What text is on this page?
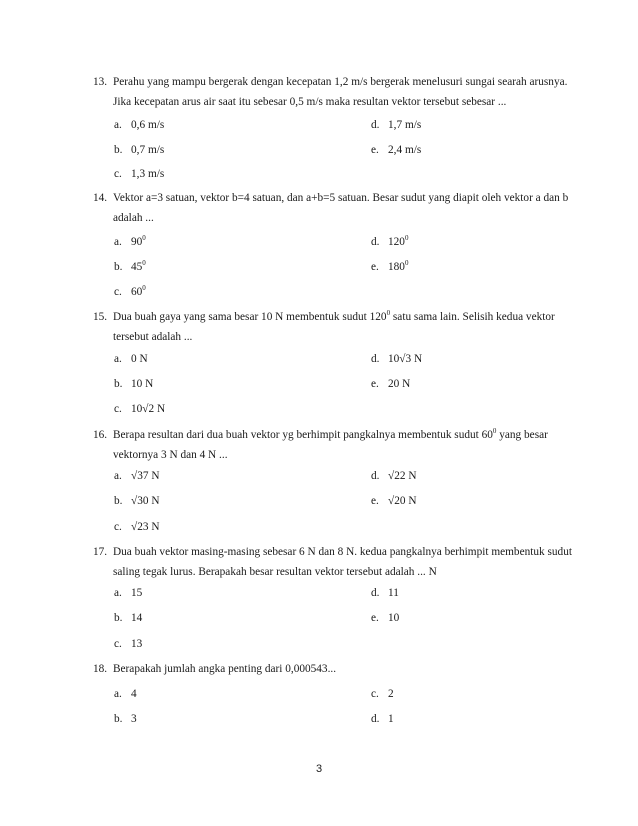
13. Perahu yang mampu bergerak dengan kecepatan 1,2 m/s bergerak menelusuri sungai searah arusnya. Jika kecepatan arus air saat itu sebesar 0,5 m/s maka resultan vektor tersebut sebesar ...
a. 0,6 m/s	d. 1,7 m/s
b. 0,7 m/s	e. 2,4 m/s
c. 1,3 m/s
14. Vektor a=3 satuan, vektor b=4 satuan, dan a+b=5 satuan. Besar sudut yang diapit oleh vektor a dan b adalah ...
a. $90^0$	d. $120^0$
b. $45^0$	e. $180^0$
c. $60^0$
15. Dua buah gaya yang sama besar 10 N membentuk sudut $120^0$ satu sama lain. Selisih kedua vektor tersebut adalah ...
a. 0 N	d. 10√3 N
b. 10 N	e. 20 N
c. 10√2 N
16. Berapa resultan dari dua buah vektor yg berhimpit pangkalnya membentuk sudut $60^0$ yang besar vektornya 3 N dan 4 N ...
a. √37 N	d. √22 N
b. √30 N	e. √20 N
c. √23 N
17. Dua buah vektor masing-masing sebesar 6 N dan 8 N. kedua pangkalnya berhimpit membentuk sudut saling tegak lurus. Berapakah besar resultan vektor tersebut adalah ... N
a. 15	d. 11
b. 14	e. 10
c. 13
18. Berapakah jumlah angka penting dari 0,000543...
a. 4	c. 2
b. 3	d. 1
3
